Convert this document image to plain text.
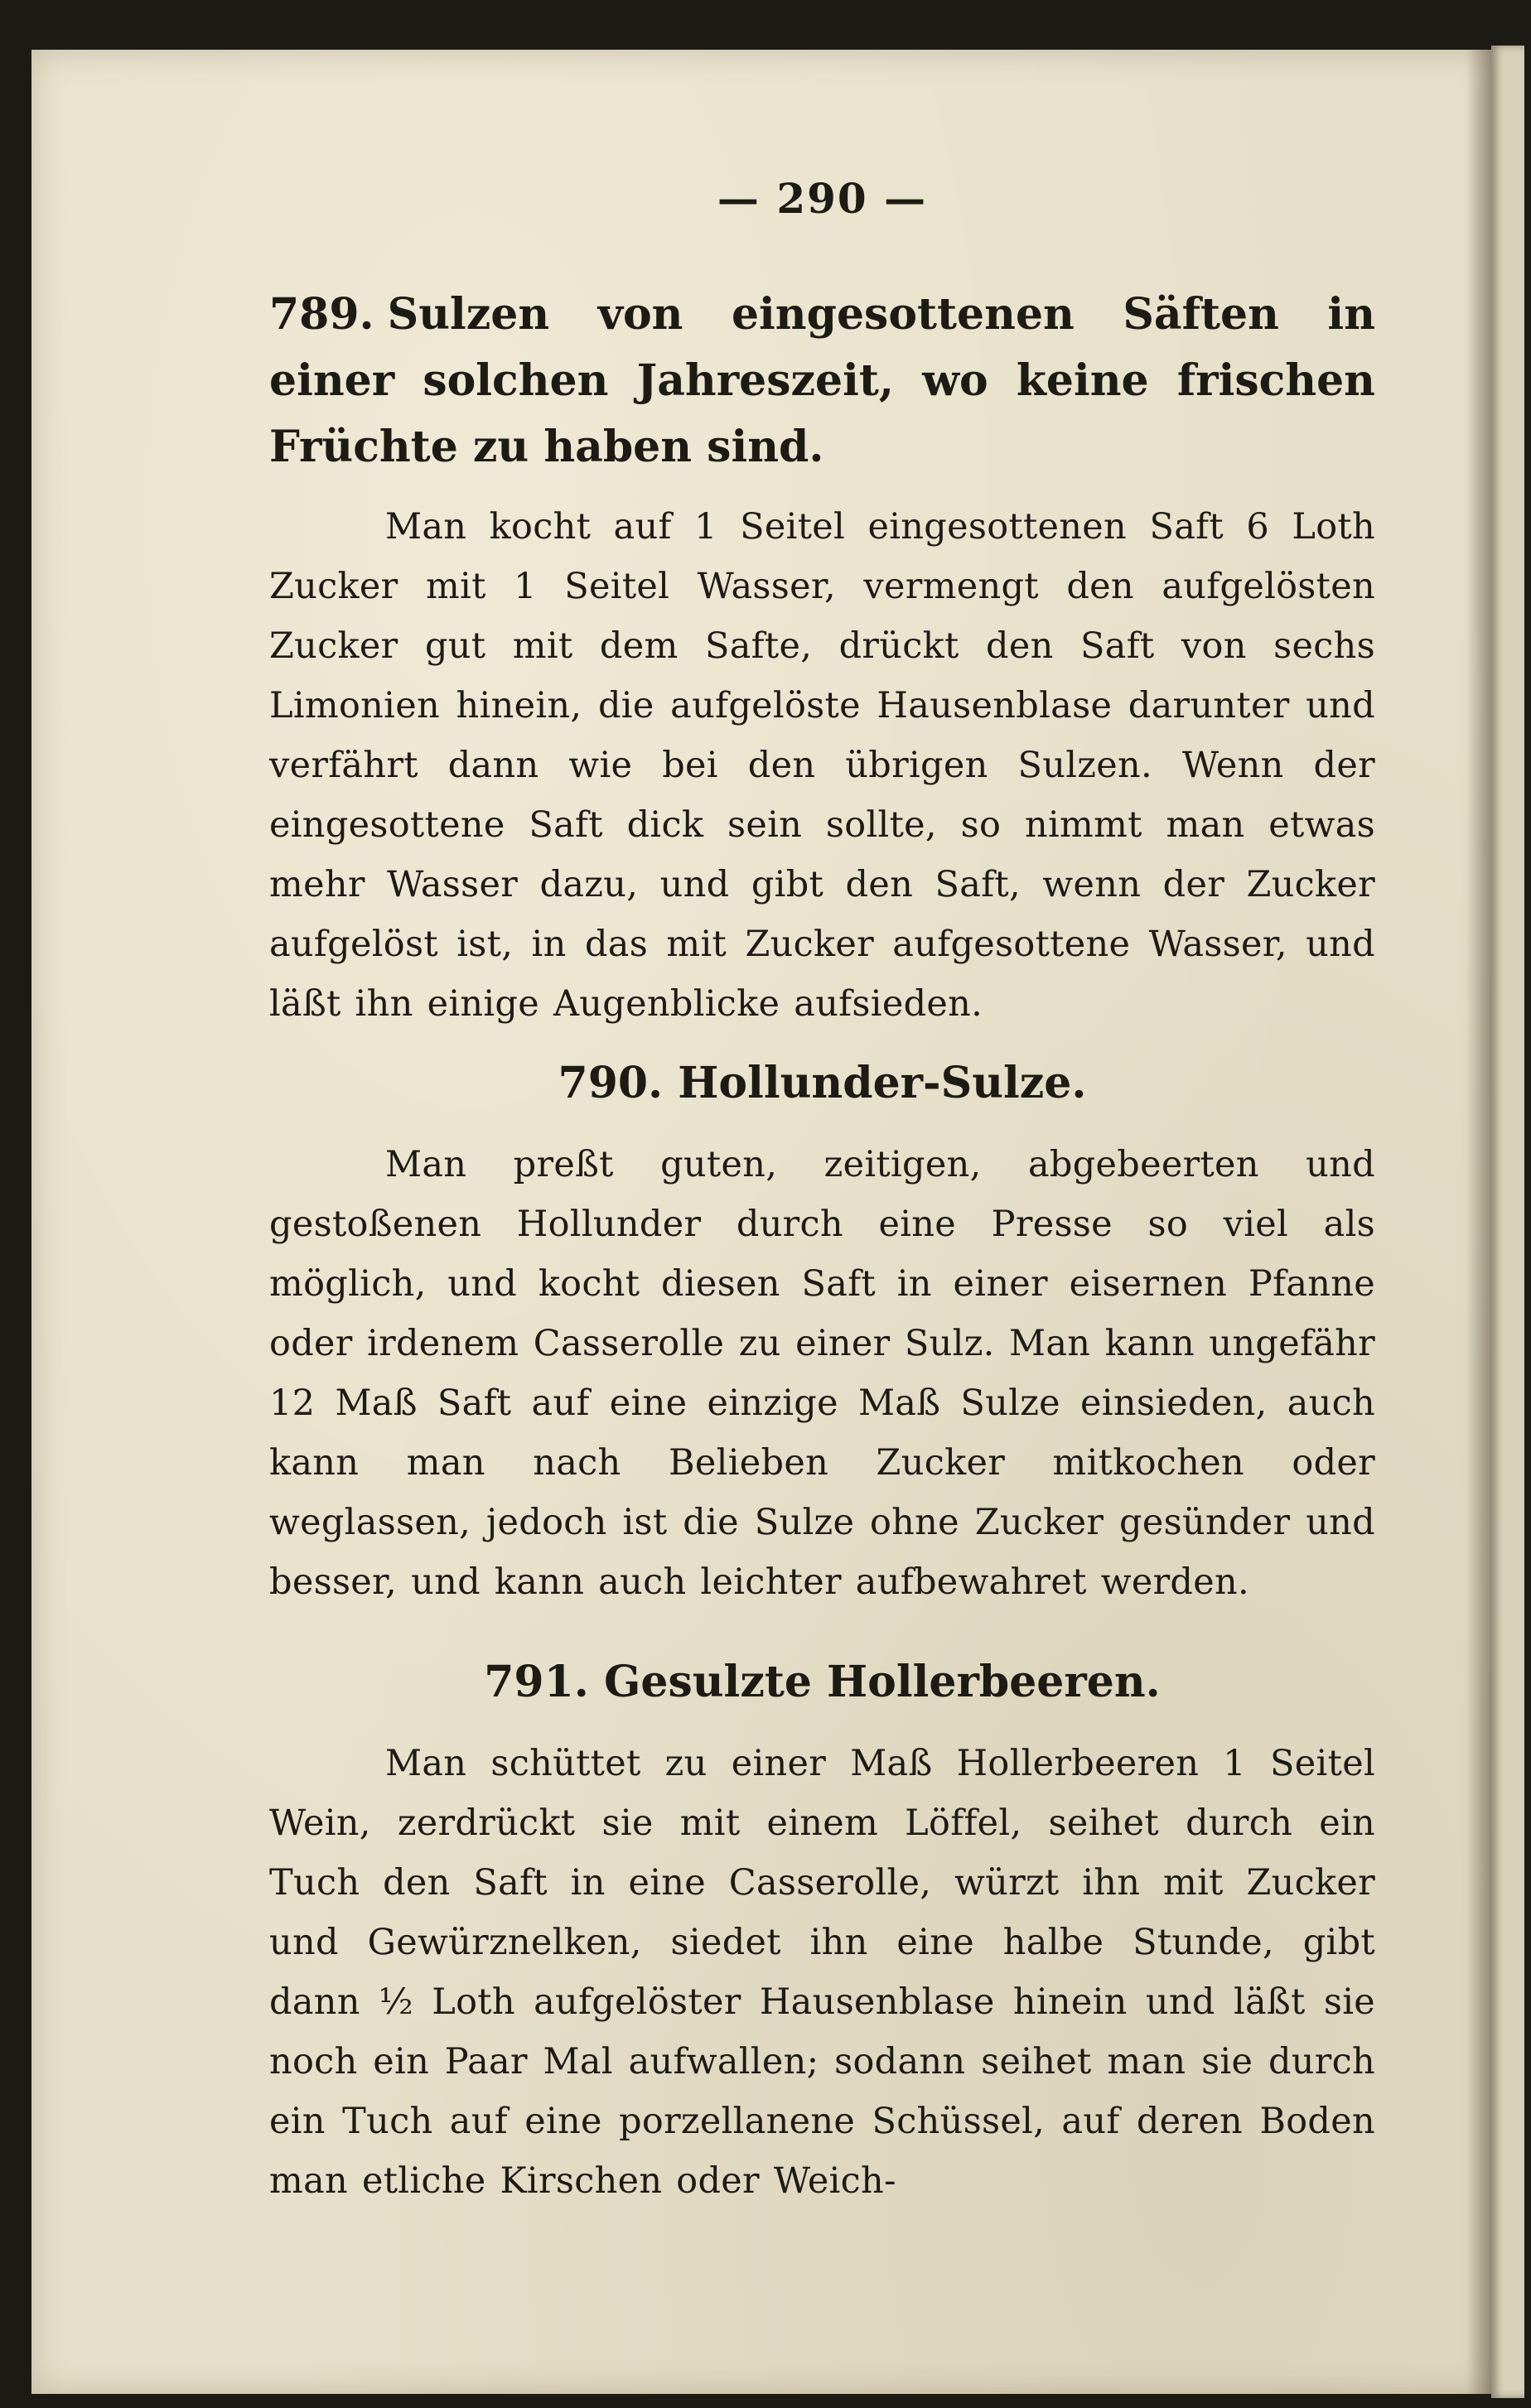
— 290 —
789. Sulzen von eingesottenen Säften in einer solchen Jahreszeit, wo keine frischen Früchte zu haben sind.

Man kocht auf 1 Seitel eingesottenen Saft 6 Loth Zucker mit 1 Seitel Wasser, vermengt den aufgelösten Zucker gut mit dem Safte, drückt den Saft von sechs Limonien hinein, die aufgelöste Hausenblase darunter und verfährt dann wie bei den übrigen Sulzen. Wenn der eingesottene Saft dick sein sollte, so nimmt man etwas mehr Wasser dazu, und gibt den Saft, wenn der Zucker aufgelöst ist, in das mit Zucker aufgesottene Wasser, und läßt ihn einige Augenblicke aufsieden.

790. Hollunder-Sulze.

Man preßt guten, zeitigen, abgebeerten und gestoßenen Hollunder durch eine Presse so viel als möglich, und kocht diesen Saft in einer eisernen Pfanne oder irdenem Casserolle zu einer Sulz. Man kann ungefähr 12 Maß Saft auf eine einzige Maß Sulze einsieden, auch kann man nach Belieben Zucker mitkochen oder weglassen, jedoch ist die Sulze ohne Zucker gesünder und besser, und kann auch leichter aufbewahret werden.

791. Gesulzte Hollerbeeren.

Man schüttet zu einer Maß Hollerbeeren 1 Seitel Wein, zerdrückt sie mit einem Löffel, seihet durch ein Tuch den Saft in eine Casserolle, würzt ihn mit Zucker und Gewürznelken, siedet ihn eine halbe Stunde, gibt dann ½ Loth aufgelöster Hausenblase hinein und läßt sie noch ein Paar Mal aufwallen; sodann seihet man sie durch ein Tuch auf eine porzellanene Schüssel, auf deren Boden man etliche Kirschen oder Weich-
